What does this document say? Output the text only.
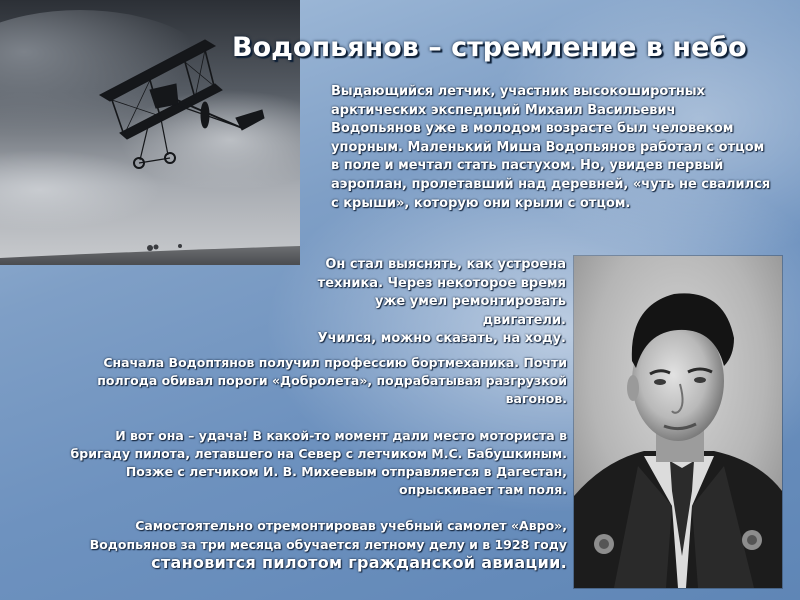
Водопьянов – стремление в небо
Выдающийся летчик, участник высокоширотных
арктических экспедиций Михаил Васильевич
Водопьянов уже в молодом возрасте был человеком
упорным. Маленький Миша Водопьянов работал с отцом
в поле и мечтал стать пастухом. Но, увидев первый
аэроплан, пролетавший над деревней, «чуть не свалился
с крыши», которую они крыли с отцом.
Он стал выяснять, как устроена
техника. Через некоторое время
уже умел ремонтировать
двигатели.
Учился, можно сказать, на ходу.
Сначала Водоптянов получил профессию бортмеханика. Почти
полгода обивал пороги «Добролета», подрабатывая разгрузкой
вагонов.
И вот она – удача! В какой-то момент дали место моториста в
бригаду пилота, летавшего на Север с летчиком М.С. Бабушкиным.
Позже с летчиком И. В. Михеевым отправляется в Дагестан,
опрыскивает там поля.
Самостоятельно отремонтировав учебный самолет «Авро»,
Водопьянов за три месяца обучается летному делу и в 1928 году
становится пилотом гражданской авиации.
